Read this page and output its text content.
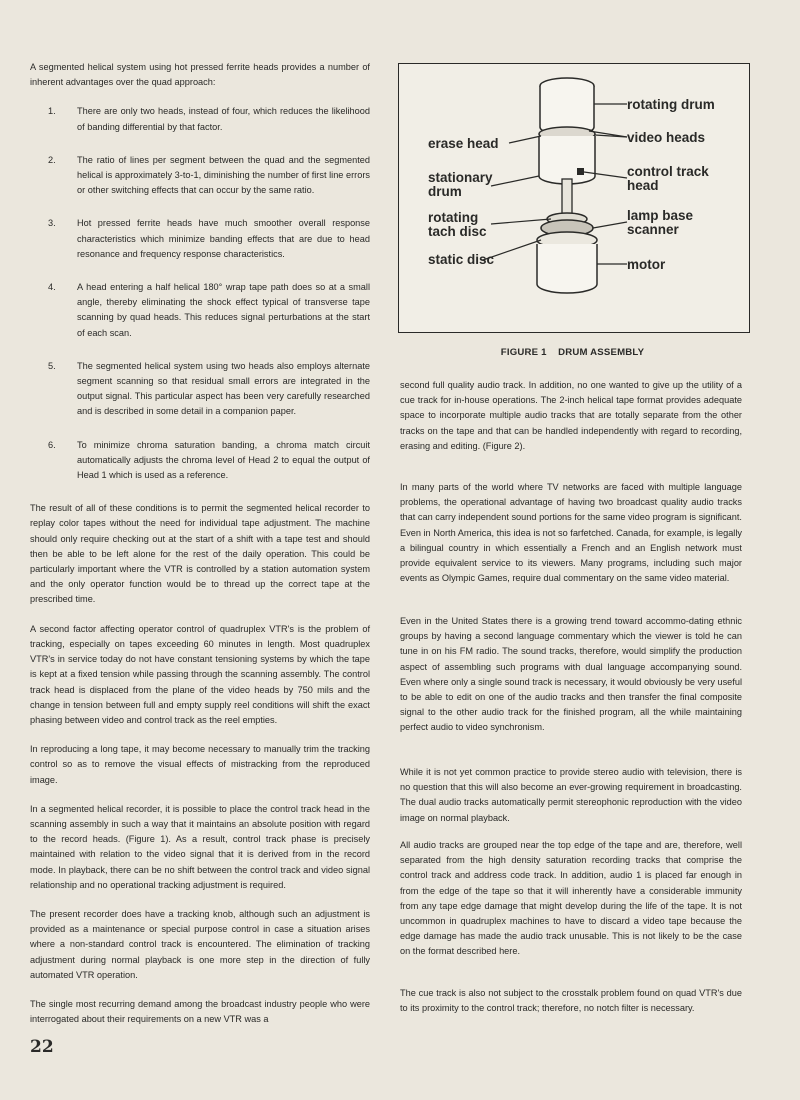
A segmented helical system using hot pressed ferrite heads provides a number of inherent advantages over the quad approach:

1. There are only two heads, instead of four, which reduces the likelihood of banding differential by that factor.
2. The ratio of lines per segment between the quad and the segmented helical is approximately 3-to-1, diminishing the number of first line errors or other switching effects that can occur by the same ratio.
3. Hot pressed ferrite heads have much smoother overall response characteristics which minimize banding effects that are due to head resonance and frequency response characteristics.
4. A head entering a half helical 180° wrap tape path does so at a small angle, thereby eliminating the shock effect typical of transverse tape scanning by quad heads. This reduces signal perturbations at the start of each scan.
5. The segmented helical system using two heads also employs alternate segment scanning so that residual small errors are integrated in the output signal. This particular aspect has been very carefully researched and is described in some detail in a companion paper.
6. To minimize chroma saturation banding, a chroma match circuit automatically adjusts the chroma level of Head 2 to equal the output of Head 1 which is used as a reference.

The result of all of these conditions is to permit the segmented helical recorder to replay color tapes without the need for individual tape adjustment. The machine should only require checking out at the start of a shift with a tape test and should then be able to be left alone for the rest of the daily operation. This could be particularly important where the VTR is controlled by a station automation system and the only operator function would be to thread up the correct tape at the prescribed time.

A second factor affecting operator control of quadruplex VTR's is the problem of tracking, especially on tapes exceeding 60 minutes in length. Most quadruplex VTR's in service today do not have constant tensioning systems by which the tape is kept at a fixed tension while passing through the scanning assembly. The control track head is displaced from the plane of the video heads by 750 mils and the change in tension between full and empty supply reel conditions will shift the exact phasing between video and control track as the reel empties.

In reproducing a long tape, it may become necessary to manually trim the tracking control so as to remove the visual effects of mistracking from the reproduced image.

In a segmented helical recorder, it is possible to place the control track head in the scanning assembly in such a way that it maintains an absolute position with regard to the record heads. (Figure 1). As a result, control track phase is precisely maintained with relation to the video signal that it is derived from in the record mode. In playback, there can be no shift between the control track and video signal relationship and no operational tracking adjustment is required.

The present recorder does have a tracking knob, although such an adjustment is provided as a maintenance or special purpose control in case a situation arises where a non-standard control track is encountered. The elimination of tracking adjustment during normal playback is one more step in the direction of fully automated VTR operation.

The single most recurring demand among the broadcast industry people who were interrogated about their requirements on a new VTR was a

rotating drum
video heads
erase head
control track
head
stationary
drum
rotating
tach disc
lamp base
scanner
static disc	motor
FIGURE 1    DRUM ASSEMBLY

second full quality audio track. In addition, no one wanted to give up the utility of a cue track for in-house operations. The 2-inch helical tape format provides adequate space to incorporate multiple audio tracks that are totally separate from the other tracks on the tape and that can be handled independently with regard to recording, erasing and editing. (Figure 2).

In many parts of the world where TV networks are faced with multiple language problems, the operational advantage of having two broadcast quality audio tracks that can carry independent sound portions for the same video program is significant. Even in North America, this idea is not so farfetched. Canada, for example, is legally a bilingual country in which essentially a French and an English network must provide equivalent service to its viewers. Many programs, including such major events as Olympic Games, require dual commentary on the same video material.

Even in the United States there is a growing trend toward accommo-dating ethnic groups by having a second language commentary which the viewer is told he can tune in on his FM radio. The sound tracks, therefore, would simplify the production aspect of assembling such programs with dual language accompanying sound. Even where only a single sound track is necessary, it would obviously be very useful to be able to edit on one of the audio tracks and then transfer the final composite signal to the other audio track for the finished program, all the while maintaining perfect audio to video synchronism.

While it is not yet common practice to provide stereo audio with television, there is no question that this will also become an ever-growing requirement in broadcasting. The dual audio tracks automatically permit stereophonic reproduction with the video image on normal playback.

All audio tracks are grouped near the top edge of the tape and are, therefore, well separated from the high density saturation recording tracks that comprise the control track and address code track. In addition, audio 1 is placed far enough in from the edge of the tape so that it will inherently have a considerable immunity from any tape edge damage that might develop during the life of the tape. It is not uncommon in quadruplex machines to have to discard a video tape because the edge damage has made the audio track unusable. This is not likely to be the case on the format described here.

The cue track is also not subject to the crosstalk problem found on quad VTR's due to its proximity to the control track; therefore, no notch filter is necessary.

22
